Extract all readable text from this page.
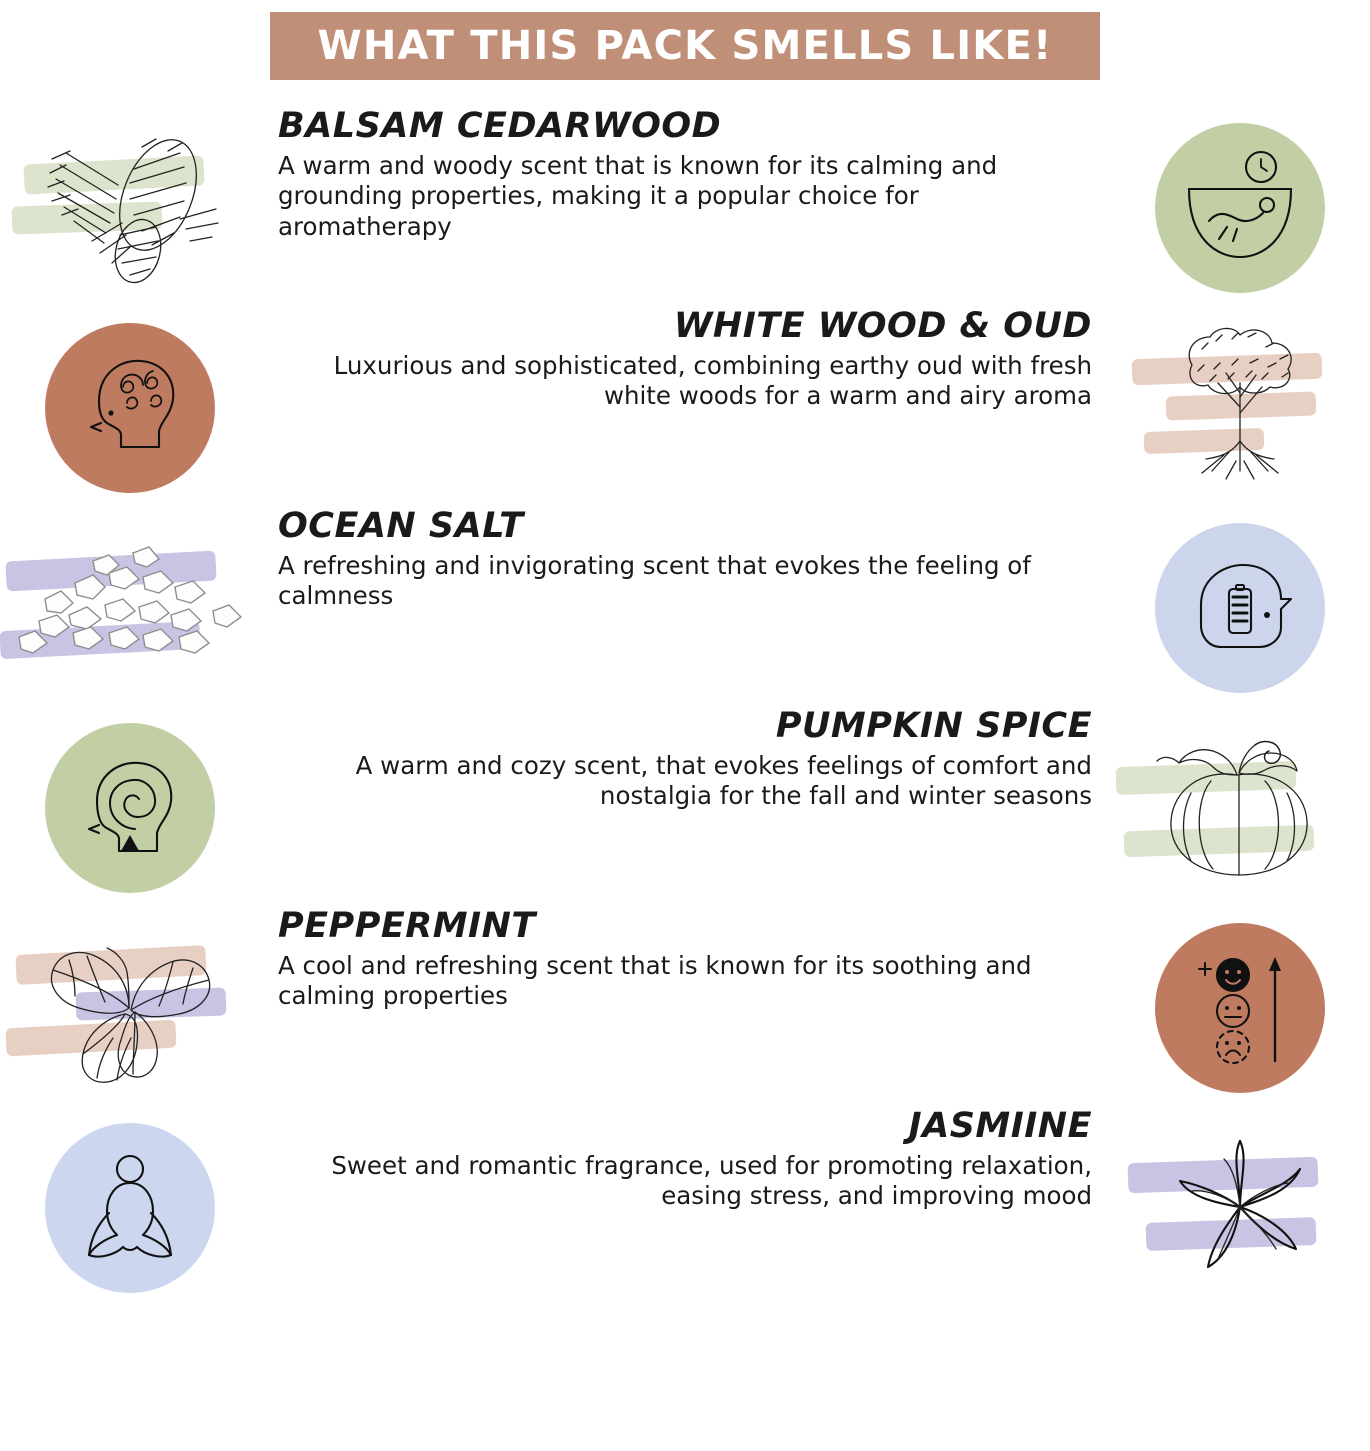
WHAT THIS PACK SMELLS LIKE!
BALSAM CEDARWOOD
A warm and woody scent that is known for its calming and grounding properties, making it a popular choice for aromatherapy
WHITE WOOD & OUD
Luxurious and sophisticated, combining earthy oud with fresh white woods for a warm and airy aroma
OCEAN SALT
A refreshing and invigorating scent that evokes the feeling of calmness
PUMPKIN SPICE
A warm and cozy scent, that evokes feelings of comfort and nostalgia for the fall and winter seasons
PEPPERMINT
A cool and refreshing scent that is known for its soothing and calming properties
JASMIINE
Sweet and romantic fragrance, used for promoting relaxation, easing stress, and improving mood
